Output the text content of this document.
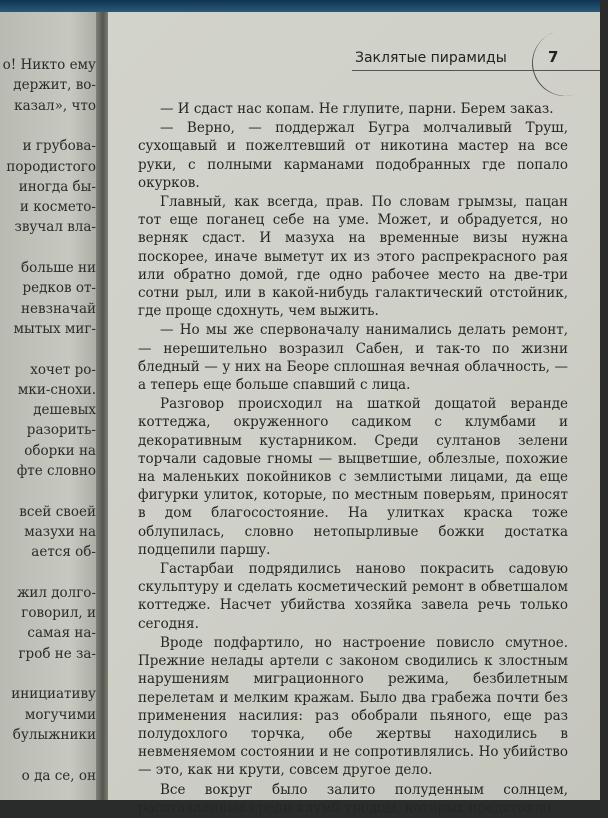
о! Никто ему
держит, во-
казал», что
и грубова-
породистого
иногда бы-
и космето-
звучал вла-
больше ни
редков от-
невзначай
мытых миг-
хочет ро-
мки-снохи.
дешевых
разорить-
оборки на
фте словно
всей своей
мазухи на
ается об-
жил долго-
говорил, и
самая на-
гроб не за-
инициативу
могучими
булыжники
о да се, он
Заклятые пирамиды	7

— И сдаст нас копам. Не глупите, парни. Берем заказ.

— Верно, — поддержал Бугра молчаливый Труш, сухощавый и пожелтевший от никотина мастер на все руки, с полными карманами подобранных где попало окурков.

Главный, как всегда, прав. По словам грымзы, пацан тот еще поганец себе на уме. Может, и обрадуется, но верняк сдаст. И мазуха на временные визы нужна поскорее, иначе выметут их из этого распрекрасного рая или обратно домой, где одно рабочее место на две-три сотни рыл, или в какой-нибудь галактический отстойник, где проще сдохнуть, чем выжить.

— Но мы же спервоначалу нанимались делать ремонт, — нерешительно возразил Сабен, и так-то по жизни бледный — у них на Беоре сплошная вечная облачность, — а теперь еще больше спавший с лица.

Разговор происходил на шаткой дощатой веранде коттеджа, окруженного садиком с клумбами и декоративным кустарником. Среди султанов зелени торчали садовые гномы — выцветшие, облезлые, похожие на маленьких покойников с землистыми лицами, да еще фигурки улиток, которые, по местным поверьям, приносят в дом благосостояние. На улитках краска тоже облупилась, словно нетопырливые божки достатка подцепили паршу.

Гастарбаи подрядились наново покрасить садовую скульптуру и сделать косметический ремонт в обветшалом коттедже. Насчет убийства хозяйка завела речь только сегодня.

Вроде подфартило, но настроение повисло смутное. Прежние нелады артели с законом сводились к злостным нарушениям миграционного режима, безбилетным перелетам и мелким кражам. Было два грабежа почти без применения насилия: раз обобрали пьяного, еще раз полудохлого торчка, обе жертвы находились в невменяемом состоянии и не сопротивлялись. Но убийство — это, как ни крути, совсем другое дело.

Все вокруг было залито полуденным солнцем, расставленные среди клумб уродцы, которых предстояло
